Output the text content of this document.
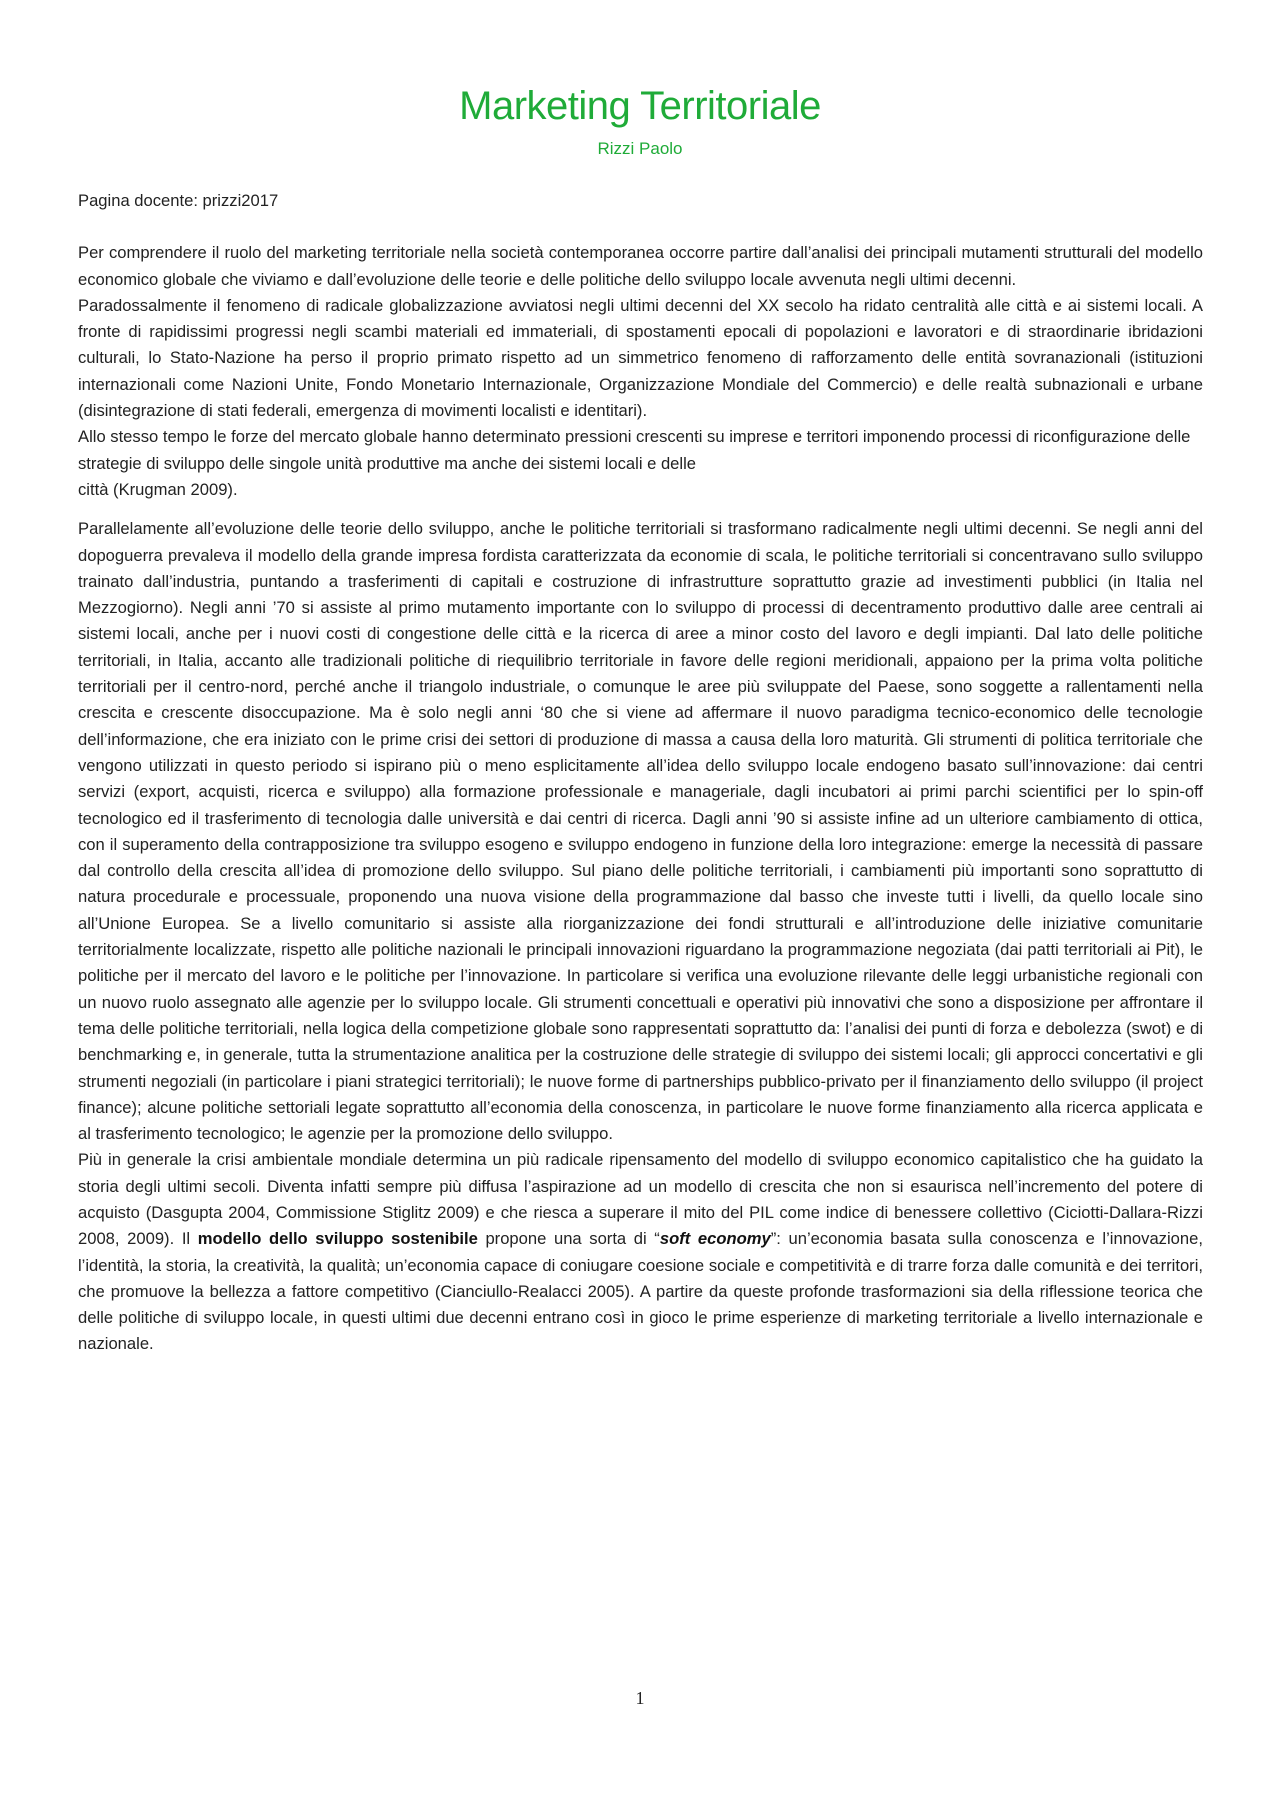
Marketing Territoriale
Rizzi Paolo

Pagina docente: prizzi2017

Per comprendere il ruolo del marketing territoriale nella società contemporanea occorre partire dall’analisi dei principali mutamenti strutturali del modello economico globale che viviamo e dall’evoluzione delle teorie e delle politiche dello sviluppo locale avvenuta negli ultimi decenni.

Paradossalmente il fenomeno di radicale globalizzazione avviatosi negli ultimi decenni del XX secolo ha ridato centralità alle città e ai sistemi locali. A fronte di rapidissimi progressi negli scambi materiali ed immateriali, di spostamenti epocali di popolazioni e lavoratori e di straordinarie ibridazioni culturali, lo Stato-Nazione ha perso il proprio primato rispetto ad un simmetrico fenomeno di rafforzamento delle entità sovranazionali (istituzioni internazionali come Nazioni Unite, Fondo Monetario Internazionale, Organizzazione Mondiale del Commercio) e delle realtà subnazionali e urbane (disintegrazione di stati federali, emergenza di movimenti localisti e identitari).

Allo stesso tempo le forze del mercato globale hanno determinato pressioni crescenti su imprese e territori imponendo processi di riconfigurazione delle strategie di sviluppo delle singole unità produttive ma anche dei sistemi locali e delle

città (Krugman 2009).

Parallelamente all’evoluzione delle teorie dello sviluppo, anche le politiche territoriali si trasformano radicalmente negli ultimi decenni. Se negli anni del dopoguerra prevaleva il modello della grande impresa fordista caratterizzata da economie di scala, le politiche territoriali si concentravano sullo sviluppo trainato dall’industria, puntando a trasferimenti di capitali e costruzione di infrastrutture soprattutto grazie ad investimenti pubblici (in Italia nel Mezzogiorno). Negli anni ’70 si assiste al primo mutamento importante con lo sviluppo di processi di decentramento produttivo dalle aree centrali ai sistemi locali, anche per i nuovi costi di congestione delle città e la ricerca di aree a minor costo del lavoro e degli impianti. Dal lato delle politiche territoriali, in Italia, accanto alle tradizionali politiche di riequilibrio territoriale in favore delle regioni meridionali, appaiono per la prima volta politiche territoriali per il centro-nord, perché anche il triangolo industriale, o comunque le aree più sviluppate del Paese, sono soggette a rallentamenti nella crescita e crescente disoccupazione. Ma è solo negli anni ‘80 che si viene ad affermare il nuovo paradigma tecnico-economico delle tecnologie dell’informazione, che era iniziato con le prime crisi dei settori di produzione di massa a causa della loro maturità. Gli strumenti di politica territoriale che vengono utilizzati in questo periodo si ispirano più o meno esplicitamente all’idea dello sviluppo locale endogeno basato sull’innovazione: dai centri servizi (export, acquisti, ricerca e sviluppo) alla formazione professionale e manageriale, dagli incubatori ai primi parchi scientifici per lo spin-off tecnologico ed il trasferimento di tecnologia dalle università e dai centri di ricerca. Dagli anni ’90 si assiste infine ad un ulteriore cambiamento di ottica, con il superamento della contrapposizione tra sviluppo esogeno e sviluppo endogeno in funzione della loro integrazione: emerge la necessità di passare dal controllo della crescita all’idea di promozione dello sviluppo. Sul piano delle politiche territoriali, i cambiamenti più importanti sono soprattutto di natura procedurale e processuale, proponendo una nuova visione della programmazione dal basso che investe tutti i livelli, da quello locale sino all’Unione Europea. Se a livello comunitario si assiste alla riorganizzazione dei fondi strutturali e all’introduzione delle iniziative comunitarie territorialmente localizzate, rispetto alle politiche nazionali le principali innovazioni riguardano la programmazione negoziata (dai patti territoriali ai Pit), le politiche per il mercato del lavoro e le politiche per l’innovazione. In particolare si verifica una evoluzione rilevante delle leggi urbanistiche regionali con un nuovo ruolo assegnato alle agenzie per lo sviluppo locale. Gli strumenti concettuali e operativi più innovativi che sono a disposizione per affrontare il tema delle politiche territoriali, nella logica della competizione globale sono rappresentati soprattutto da: l’analisi dei punti di forza e debolezza (swot) e di benchmarking e, in generale, tutta la strumentazione analitica per la costruzione delle strategie di sviluppo dei sistemi locali; gli approcci concertativi e gli strumenti negoziali (in particolare i piani strategici territoriali); le nuove forme di partnerships pubblico-privato per il finanziamento dello sviluppo (il project finance); alcune politiche settoriali legate soprattutto all’economia della conoscenza, in particolare le nuove forme finanziamento alla ricerca applicata e al trasferimento tecnologico; le agenzie per la promozione dello sviluppo.

Più in generale la crisi ambientale mondiale determina un più radicale ripensamento del modello di sviluppo economico capitalistico che ha guidato la storia degli ultimi secoli. Diventa infatti sempre più diffusa l’aspirazione ad un modello di crescita che non si esaurisca nell’incremento del potere di acquisto (Dasgupta 2004, Commissione Stiglitz 2009) e che riesca a superare il mito del PIL come indice di benessere collettivo (Ciciotti-Dallara-Rizzi 2008, 2009). Il modello dello sviluppo sostenibile propone una sorta di “soft economy”: un’economia basata sulla conoscenza e l’innovazione, l’identità, la storia, la creatività, la qualità; un’economia capace di coniugare coesione sociale e competitività e di trarre forza dalle comunità e dei territori, che promuove la bellezza a fattore competitivo (Cianciullo-Realacci 2005). A partire da queste profonde trasformazioni sia della riflessione teorica che delle politiche di sviluppo locale, in questi ultimi due decenni entrano così in gioco le prime esperienze di marketing territoriale a livello internazionale e nazionale.

1
